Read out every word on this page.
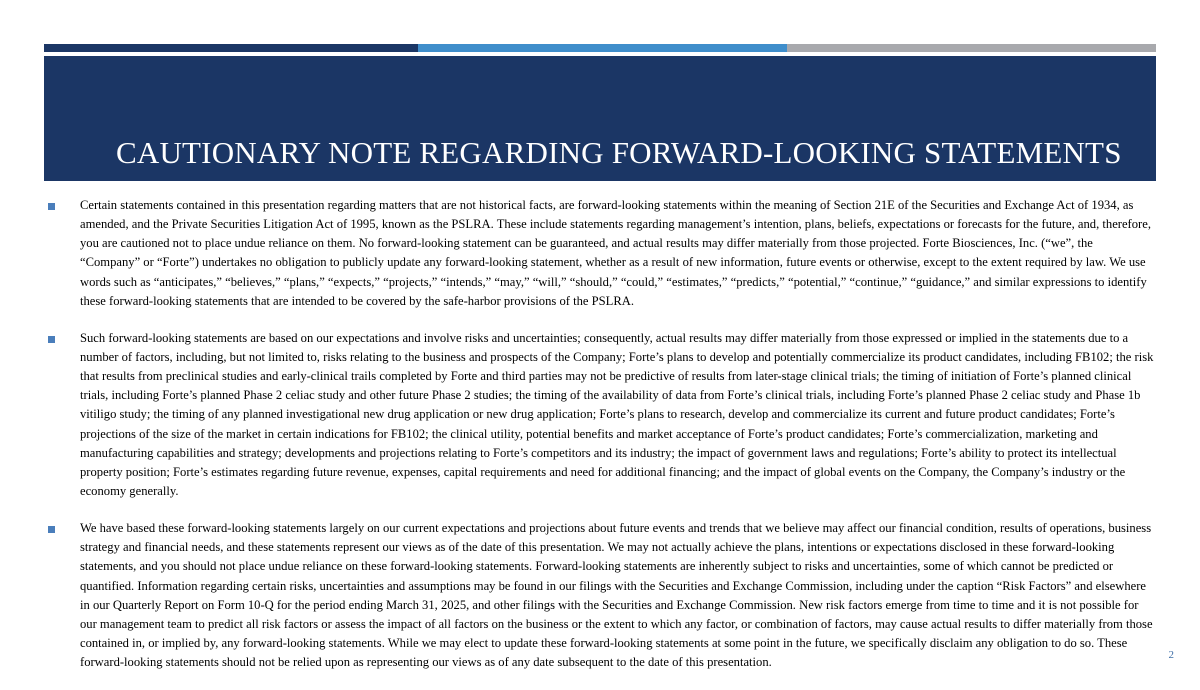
CAUTIONARY NOTE REGARDING FORWARD-LOOKING STATEMENTS
Certain statements contained in this presentation regarding matters that are not historical facts, are forward-looking statements within the meaning of Section 21E of the Securities and Exchange Act of 1934, as amended, and the Private Securities Litigation Act of 1995, known as the PSLRA. These include statements regarding management’s intention, plans, beliefs, expectations or forecasts for the future, and, therefore, you are cautioned not to place undue reliance on them. No forward-looking statement can be guaranteed, and actual results may differ materially from those projected. Forte Biosciences, Inc. (“we”, the “Company” or “Forte”) undertakes no obligation to publicly update any forward-looking statement, whether as a result of new information, future events or otherwise, except to the extent required by law. We use words such as “anticipates,” “believes,” “plans,” “expects,” “projects,” “intends,” “may,” “will,” “should,” “could,” “estimates,” “predicts,” “potential,” “continue,” “guidance,” and similar expressions to identify these forward-looking statements that are intended to be covered by the safe-harbor provisions of the PSLRA.
Such forward-looking statements are based on our expectations and involve risks and uncertainties; consequently, actual results may differ materially from those expressed or implied in the statements due to a number of factors, including, but not limited to, risks relating to the business and prospects of the Company; Forte’s plans to develop and potentially commercialize its product candidates, including FB102; the risk that results from preclinical studies and early-clinical trails completed by Forte and third parties may not be predictive of results from later-stage clinical trials; the timing of initiation of Forte’s planned clinical trials, including Forte’s planned Phase 2 celiac study and other future Phase 2 studies; the timing of the availability of data from Forte’s clinical trials, including Forte’s planned Phase 2 celiac study and Phase 1b vitiligo study; the timing of any planned investigational new drug application or new drug application; Forte’s plans to research, develop and commercialize its current and future product candidates; Forte’s projections of the size of the market in certain indications for FB102; the clinical utility, potential benefits and market acceptance of Forte’s product candidates; Forte’s commercialization, marketing and manufacturing capabilities and strategy; developments and projections relating to Forte’s competitors and its industry; the impact of government laws and regulations; Forte’s ability to protect its intellectual property position; Forte’s estimates regarding future revenue, expenses, capital requirements and need for additional financing; and the impact of global events on the Company, the Company’s industry or the economy generally.
We have based these forward-looking statements largely on our current expectations and projections about future events and trends that we believe may affect our financial condition, results of operations, business strategy and financial needs, and these statements represent our views as of the date of this presentation. We may not actually achieve the plans, intentions or expectations disclosed in these forward-looking statements, and you should not place undue reliance on these forward-looking statements. Forward-looking statements are inherently subject to risks and uncertainties, some of which cannot be predicted or quantified. Information regarding certain risks, uncertainties and assumptions may be found in our filings with the Securities and Exchange Commission, including under the caption “Risk Factors” and elsewhere in our Quarterly Report on Form 10-Q for the period ending March 31, 2025, and other filings with the Securities and Exchange Commission. New risk factors emerge from time to time and it is not possible for our management team to predict all risk factors or assess the impact of all factors on the business or the extent to which any factor, or combination of factors, may cause actual results to differ materially from those contained in, or implied by, any forward-looking statements. While we may elect to update these forward-looking statements at some point in the future, we specifically disclaim any obligation to do so. These forward-looking statements should not be relied upon as representing our views as of any date subsequent to the date of this presentation.
2
